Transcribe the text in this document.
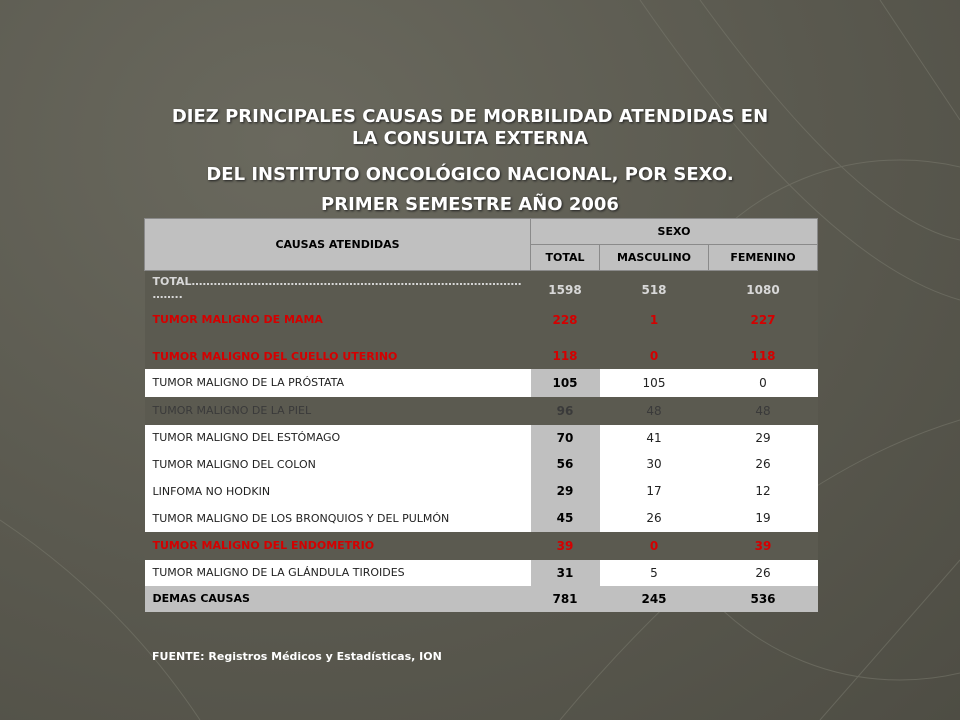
DIEZ PRINCIPALES CAUSAS DE MORBILIDAD ATENDIDAS EN
LA CONSULTA EXTERNA
DEL INSTITUTO ONCOLÓGICO NACIONAL, POR SEXO.
PRIMER SEMESTRE AÑO 2006
CAUSAS ATENDIDAS	SEXO		
	TOTAL	MASCULINO	FEMENINO

TOTAL………………………………………………………………………………
……..	1598	518	1080
TUMOR MALIGNO DE MAMA	228	1	227
TUMOR MALIGNO DEL CUELLO UTERINO	118	0	118
TUMOR MALIGNO DE LA PRÓSTATA	105	105	0
TUMOR MALIGNO DE LA PIEL	96	48	48
TUMOR MALIGNO DEL ESTÓMAGO	70	41	29
TUMOR MALIGNO DEL COLON	56	30	26
LINFOMA NO HODKIN	29	17	12
TUMOR MALIGNO DE LOS BRONQUIOS Y DEL PULMÓN	45	26	19
TUMOR MALIGNO DEL ENDOMETRIO	39	0	39
TUMOR MALIGNO DE LA GLÁNDULA TIROIDES	31	5	26
DEMAS CAUSAS	781	245	536
FUENTE: Registros Médicos y Estadísticas, ION
